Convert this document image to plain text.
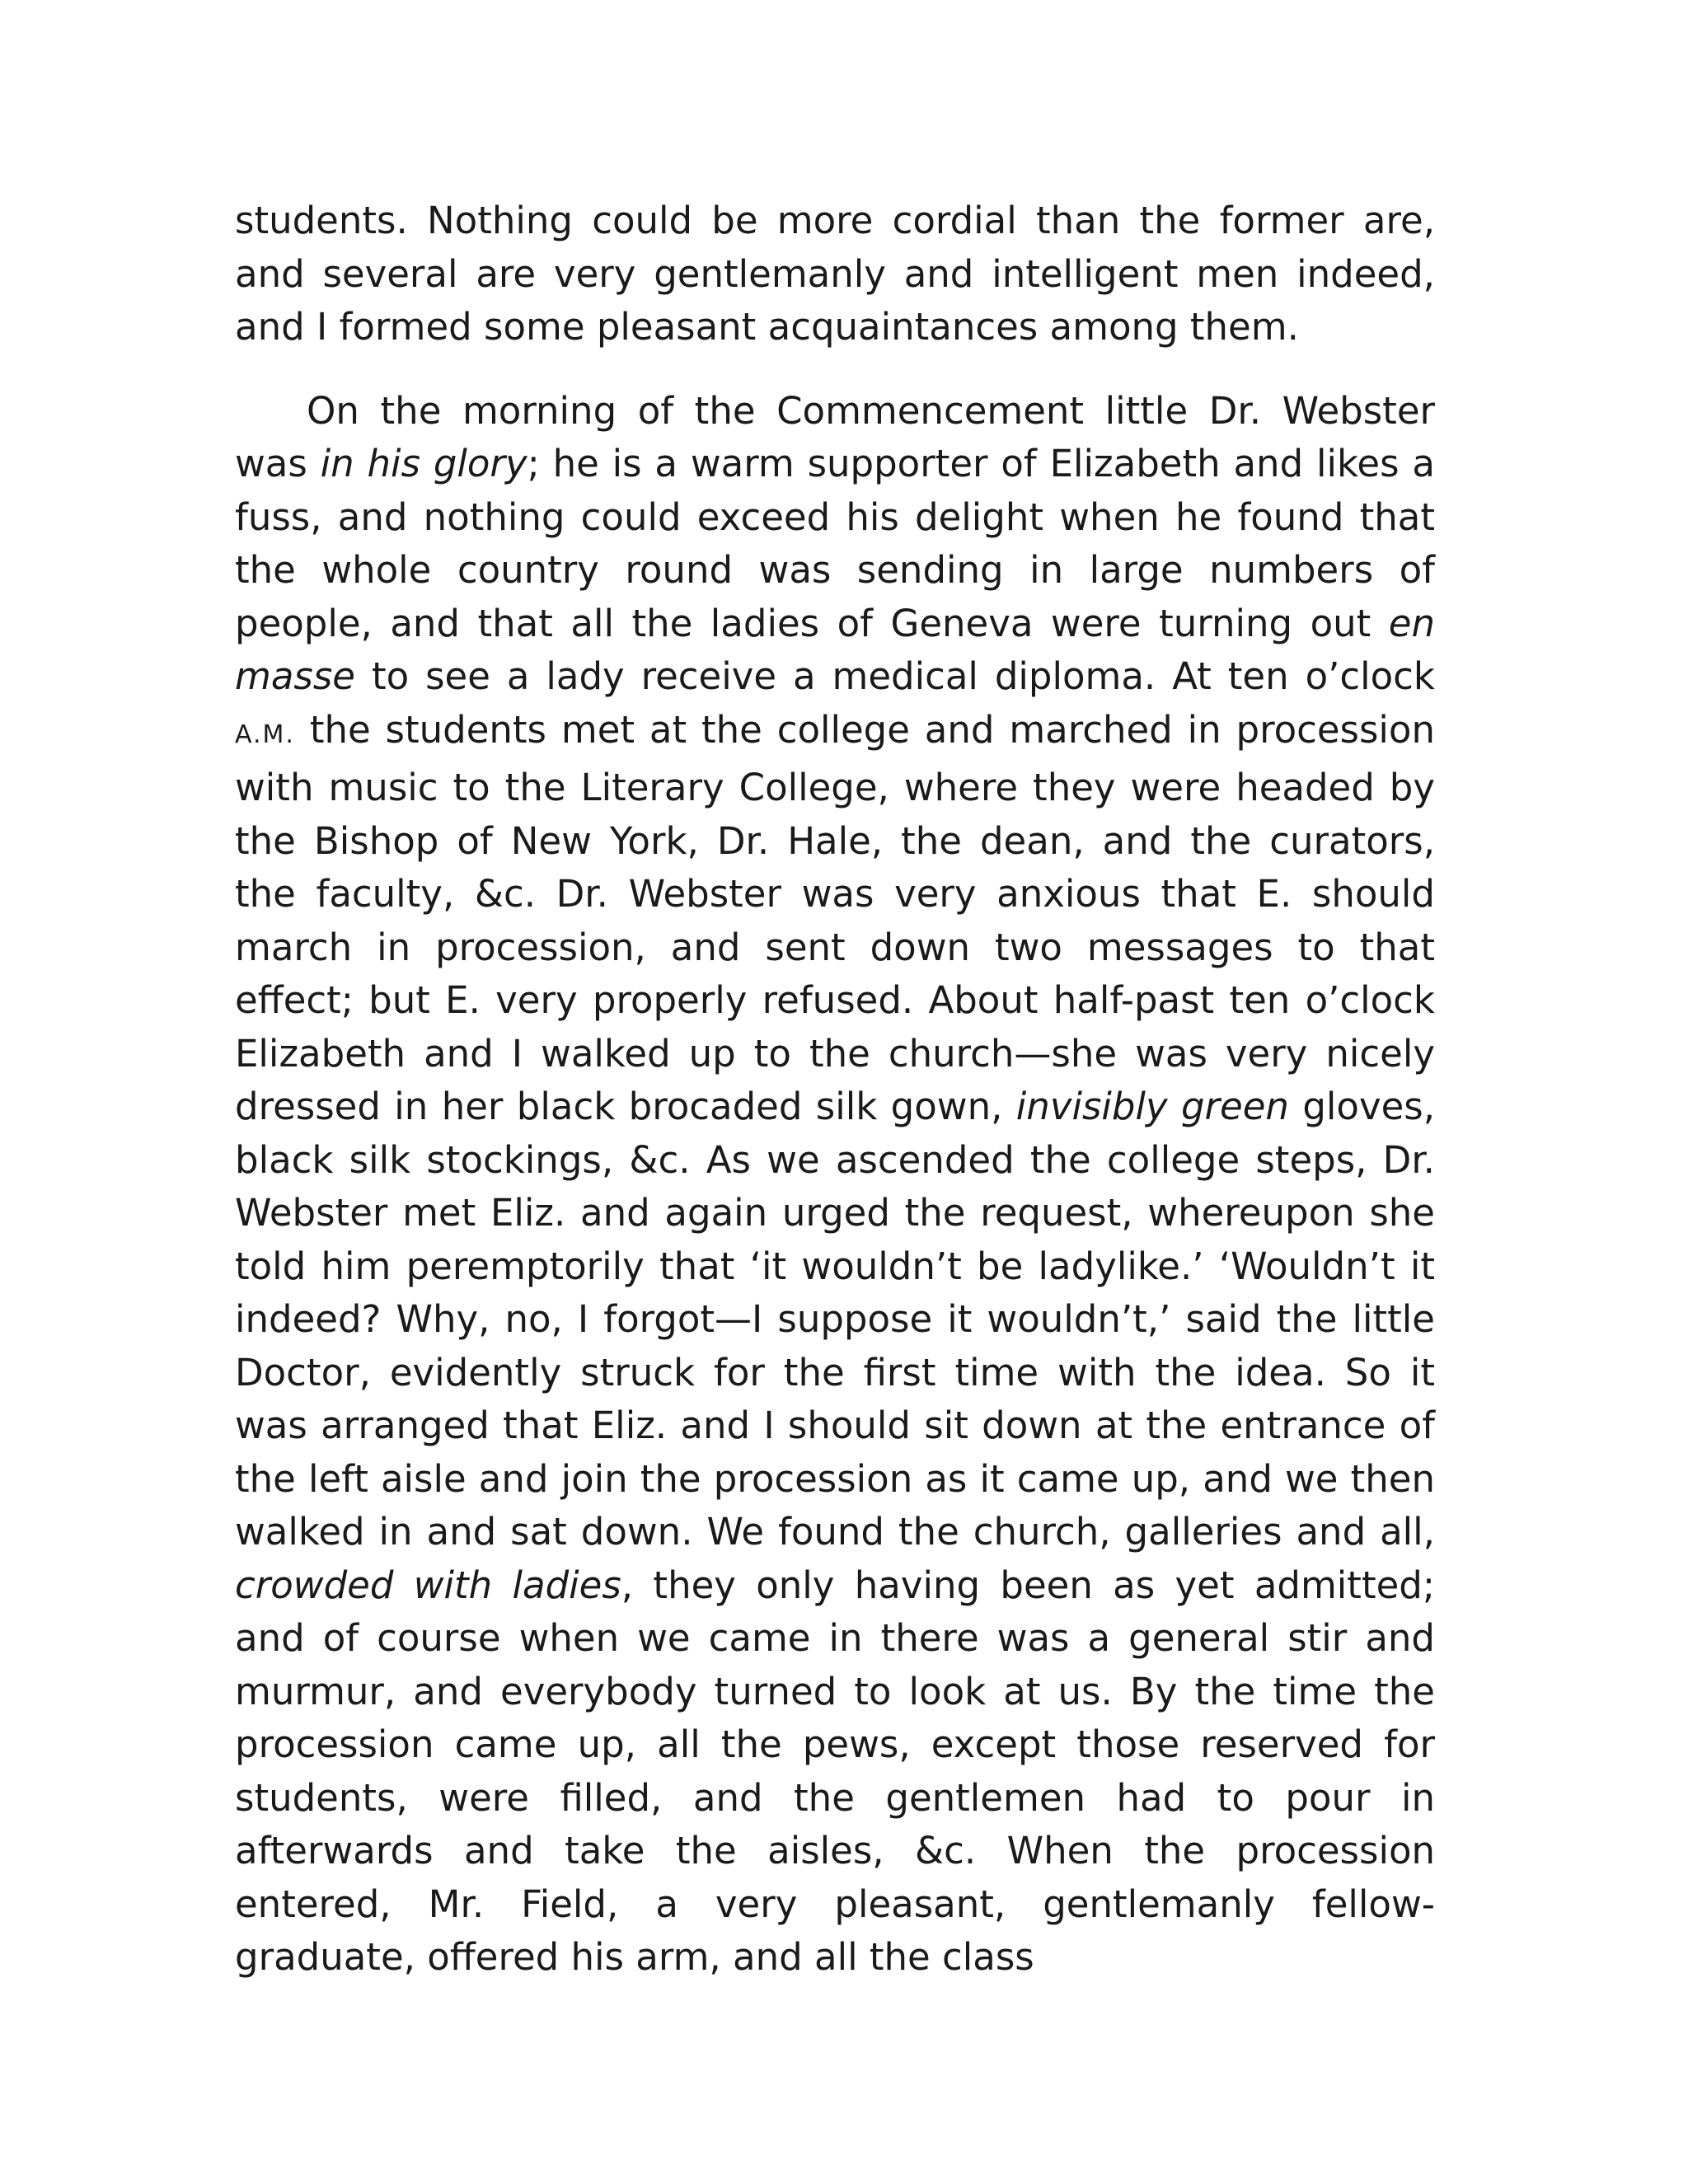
students. Nothing could be more cordial than the former are, and several are very gentlemanly and intelligent men indeed, and I formed some pleasant acquaintances among them.

On the morning of the Commencement little Dr. Webster was in his glory; he is a warm supporter of Elizabeth and likes a fuss, and nothing could exceed his delight when he found that the whole country round was sending in large numbers of people, and that all the ladies of Geneva were turning out en masse to see a lady receive a medical diploma. At ten o’clock A.M. the students met at the college and marched in procession with music to the Literary College, where they were headed by the Bishop of New York, Dr. Hale, the dean, and the curators, the faculty, &c. Dr. Webster was very anxious that E. should march in procession, and sent down two messages to that effect; but E. very properly refused. About half-past ten o’clock Elizabeth and I walked up to the church—she was very nicely dressed in her black brocaded silk gown, invisibly green gloves, black silk stockings, &c. As we ascended the college steps, Dr. Webster met Eliz. and again urged the request, whereupon she told him peremptorily that ‘it wouldn’t be ladylike.’ ‘Wouldn’t it indeed? Why, no, I forgot—I suppose it wouldn’t,’ said the little Doctor, evidently struck for the first time with the idea. So it was arranged that Eliz. and I should sit down at the entrance of the left aisle and join the procession as it came up, and we then walked in and sat down. We found the church, galleries and all, crowded with ladies, they only having been as yet admitted; and of course when we came in there was a general stir and murmur, and everybody turned to look at us. By the time the procession came up, all the pews, except those reserved for students, were filled, and the gentlemen had to pour in afterwards and take the aisles, &c. When the procession entered, Mr. Field, a very pleasant, gentlemanly fellow-graduate, offered his arm, and all the class
